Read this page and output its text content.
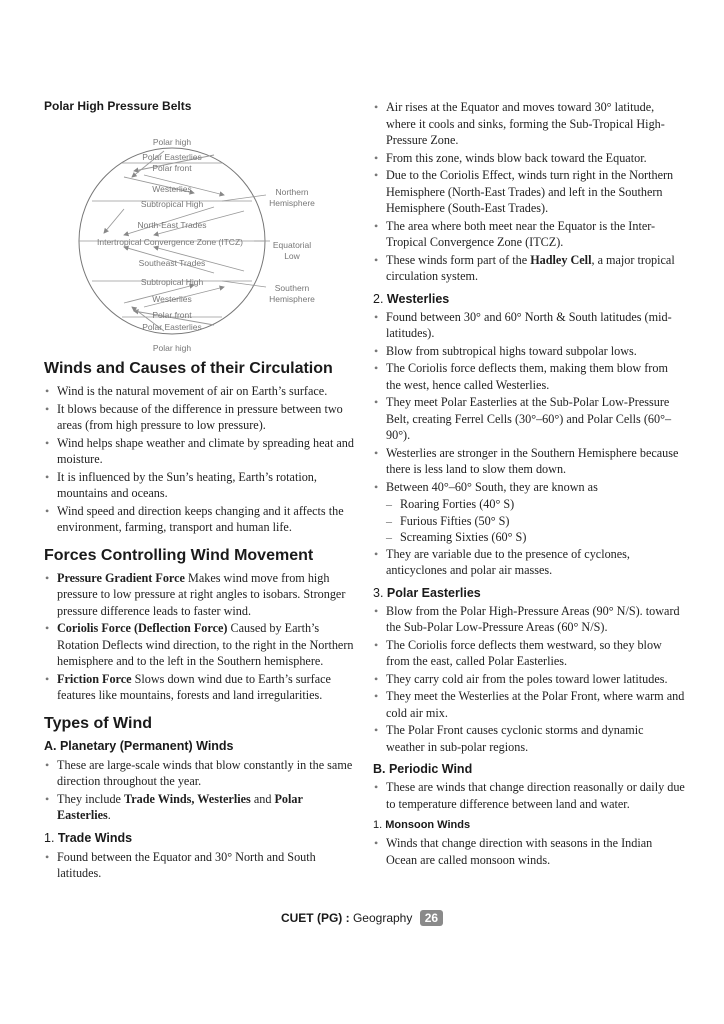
Polar High Pressure Belts

Polar high
Polar Easterlies
Polar front
Westerlies
Subtropical High
North-East Trades
Intertropical Convergence Zone (ITCZ)
Southeast Trades
Subtropical High
Westerlies
Polar front
Polar Easterlies
Polar high
Northern
Hemisphere
Equatorial
Low
Southern
Hemisphere
Winds and Causes of their Circulation
• Wind is the natural movement of air on Earth’s surface.
• It blows because of the difference in pressure between two areas (from high pressure to low pressure).
• Wind helps shape weather and climate by spreading heat and moisture.
• It is influenced by the Sun’s heating, Earth’s rotation, mountains and oceans.
• Wind speed and direction keeps changing and it affects the environment, farming, transport and human life.
Forces Controlling Wind Movement
• Pressure Gradient Force Makes wind move from high pressure to low pressure at right angles to isobars. Stronger pressure difference leads to faster wind.
• Coriolis Force (Deflection Force) Caused by Earth’s Rotation Deflects wind direction, to the right in the Northern hemisphere and to the left in the Southern hemisphere.
• Friction Force Slows down wind due to Earth’s surface features like mountains, forests and land irregularities.
Types of Wind
A. Planetary (Permanent) Winds
• These are large-scale winds that blow constantly in the same direction throughout the year.
• They include Trade Winds, Westerlies and Polar Easterlies.
1. Trade Winds
• Found between the Equator and 30° North and South latitudes.
• Air rises at the Equator and moves toward 30° latitude, where it cools and sinks, forming the Sub-Tropical High-Pressure Zone.
• From this zone, winds blow back toward the Equator.
• Due to the Coriolis Effect, winds turn right in the Northern Hemisphere (North-East Trades) and left in the Southern Hemisphere (South-East Trades).
• The area where both meet near the Equator is the Inter-Tropical Convergence Zone (ITCZ).
• These winds form part of the Hadley Cell, a major tropical circulation system.
2. Westerlies
• Found between 30° and 60° North & South latitudes (mid-latitudes).
• Blow from subtropical highs toward subpolar lows.
• The Coriolis force deflects them, making them blow from the west, hence called Westerlies.
• They meet Polar Easterlies at the Sub-Polar Low-Pressure Belt, creating Ferrel Cells (30°–60°) and Polar Cells (60°–90°).
• Westerlies are stronger in the Southern Hemisphere because there is less land to slow them down.
• Between 40°–60° South, they are known as
– Roaring Forties (40° S)
– Furious Fifties (50° S)
– Screaming Sixties (60° S)
• They are variable due to the presence of cyclones, anticyclones and polar air masses.
3. Polar Easterlies
• Blow from the Polar High-Pressure Areas (90° N/S). toward the Sub-Polar Low-Pressure Areas (60° N/S).
• The Coriolis force deflects them westward, so they blow from the east, called Polar Easterlies.
• They carry cold air from the poles toward lower latitudes.
• They meet the Westerlies at the Polar Front, where warm and cold air mix.
• The Polar Front causes cyclonic storms and dynamic weather in sub-polar regions.
B. Periodic Wind
• These are winds that change direction reasonally or daily due to temperature difference between land and water.
1. Monsoon Winds
• Winds that change direction with seasons in the Indian Ocean are called monsoon winds.
CUET (PG) : Geography 26
